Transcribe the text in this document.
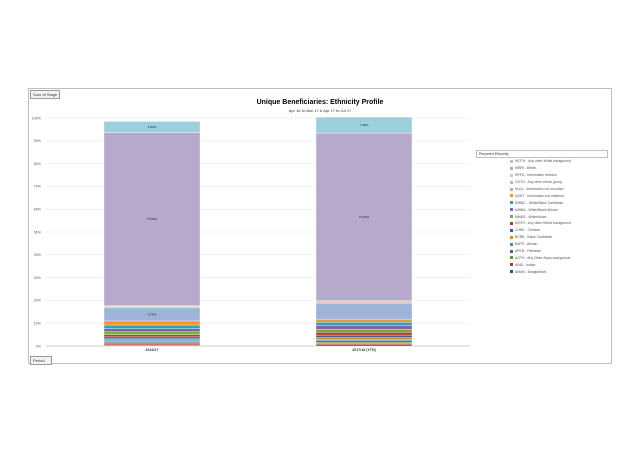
Sum of Stage
Unique Beneficiaries: Ethnicity Profile
Apr 16 to Mar 17 & Apr 17 to Jul 17
0%
10%
20%
30%
40%
50%
60%
70%
80%
90%
100%
5.75%
75.93%
4.94%
2016/17
73.64%
7.06%
2017/18 (YTD)
Reported Ethnicity
WOTH - Any other White background
WBRI - British
REFU - Information refused
OOTH - Any other ethnic group
NULL - Information not recorded
NOBT - Information not obtained
MWBC - White/Black Caribbean
MWBA - White/Black African
MWAS - White/Asian
MOTH - Any other Mixed background
CHNE - Chinese
BCRB - Black Caribbean
BAFR - African
APKN - Pakistani
AOTH - Any Other Asian background
AIND - Indian
AMAB - Bangladeshi
Period
